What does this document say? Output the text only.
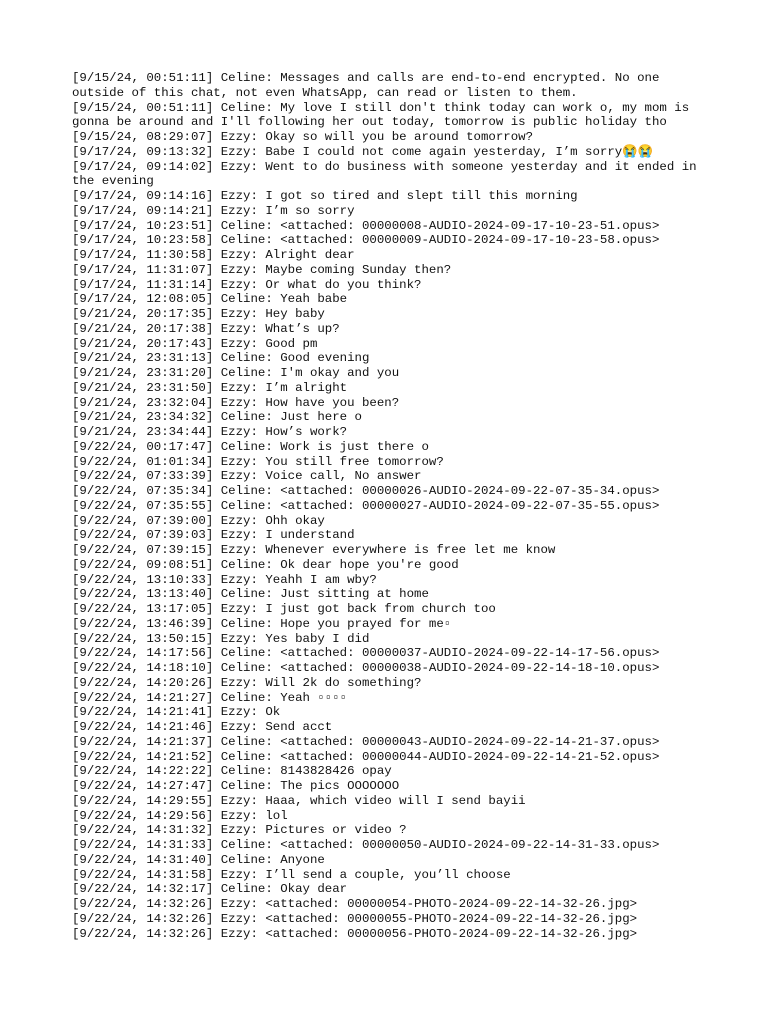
[9/15/24, 00:51:11] Celine: Messages and calls are end-to-end encrypted. No one outside of this chat, not even WhatsApp, can read or listen to them.
[9/15/24, 00:51:11] Celine: My love I still don't think today can work o, my mom is gonna be around and I'll following her out today, tomorrow is public holiday tho
[9/15/24, 08:29:07] Ezzy: Okay so will you be around tomorrow?
[9/17/24, 09:13:32] Ezzy: Babe I could not come again yesterday, I’m sorry😭😭
[9/17/24, 09:14:02] Ezzy: Went to do business with someone yesterday and it ended in the evening
[9/17/24, 09:14:16] Ezzy: I got so tired and slept till this morning
[9/17/24, 09:14:21] Ezzy: I’m so sorry
[9/17/24, 10:23:51] Celine: <attached: 00000008-AUDIO-2024-09-17-10-23-51.opus>
[9/17/24, 10:23:58] Celine: <attached: 00000009-AUDIO-2024-09-17-10-23-58.opus>
[9/17/24, 11:30:58] Ezzy: Alright dear
[9/17/24, 11:31:07] Ezzy: Maybe coming Sunday then?
[9/17/24, 11:31:14] Ezzy: Or what do you think?
[9/17/24, 12:08:05] Celine: Yeah babe
[9/21/24, 20:17:35] Ezzy: Hey baby
[9/21/24, 20:17:38] Ezzy: What’s up?
[9/21/24, 20:17:43] Ezzy: Good pm
[9/21/24, 23:31:13] Celine: Good evening
[9/21/24, 23:31:20] Celine: I'm okay and you
[9/21/24, 23:31:50] Ezzy: I’m alright
[9/21/24, 23:32:04] Ezzy: How have you been?
[9/21/24, 23:34:32] Celine: Just here o
[9/21/24, 23:34:44] Ezzy: How’s work?
[9/22/24, 00:17:47] Celine: Work is just there o
[9/22/24, 01:01:34] Ezzy: You still free tomorrow?
[9/22/24, 07:33:39] Ezzy: Voice call, No answer
[9/22/24, 07:35:34] Celine: <attached: 00000026-AUDIO-2024-09-22-07-35-34.opus>
[9/22/24, 07:35:55] Celine: <attached: 00000027-AUDIO-2024-09-22-07-35-55.opus>
[9/22/24, 07:39:00] Ezzy: Ohh okay
[9/22/24, 07:39:03] Ezzy: I understand
[9/22/24, 07:39:15] Ezzy: Whenever everywhere is free let me know
[9/22/24, 09:08:51] Celine: Ok dear hope you're good
[9/22/24, 13:10:33] Ezzy: Yeahh I am wby?
[9/22/24, 13:13:40] Celine: Just sitting at home
[9/22/24, 13:17:05] Ezzy: I just got back from church too
[9/22/24, 13:46:39] Celine: Hope you prayed for me▫
[9/22/24, 13:50:15] Ezzy: Yes baby I did
[9/22/24, 14:17:56] Celine: <attached: 00000037-AUDIO-2024-09-22-14-17-56.opus>
[9/22/24, 14:18:10] Celine: <attached: 00000038-AUDIO-2024-09-22-14-18-10.opus>
[9/22/24, 14:20:26] Ezzy: Will 2k do something?
[9/22/24, 14:21:27] Celine: Yeah ▫▫▫▫
[9/22/24, 14:21:41] Ezzy: Ok
[9/22/24, 14:21:46] Ezzy: Send acct
[9/22/24, 14:21:37] Celine: <attached: 00000043-AUDIO-2024-09-22-14-21-37.opus>
[9/22/24, 14:21:52] Celine: <attached: 00000044-AUDIO-2024-09-22-14-21-52.opus>
[9/22/24, 14:22:22] Celine: 8143828426 opay
[9/22/24, 14:27:47] Celine: The pics OOOOOOO
[9/22/24, 14:29:55] Ezzy: Haaa, which video will I send bayii
[9/22/24, 14:29:56] Ezzy: lol
[9/22/24, 14:31:32] Ezzy: Pictures or video ?
[9/22/24, 14:31:33] Celine: <attached: 00000050-AUDIO-2024-09-22-14-31-33.opus>
[9/22/24, 14:31:40] Celine: Anyone
[9/22/24, 14:31:58] Ezzy: I’ll send a couple, you’ll choose
[9/22/24, 14:32:17] Celine: Okay dear
[9/22/24, 14:32:26] Ezzy: <attached: 00000054-PHOTO-2024-09-22-14-32-26.jpg>
[9/22/24, 14:32:26] Ezzy: <attached: 00000055-PHOTO-2024-09-22-14-32-26.jpg>
[9/22/24, 14:32:26] Ezzy: <attached: 00000056-PHOTO-2024-09-22-14-32-26.jpg>
